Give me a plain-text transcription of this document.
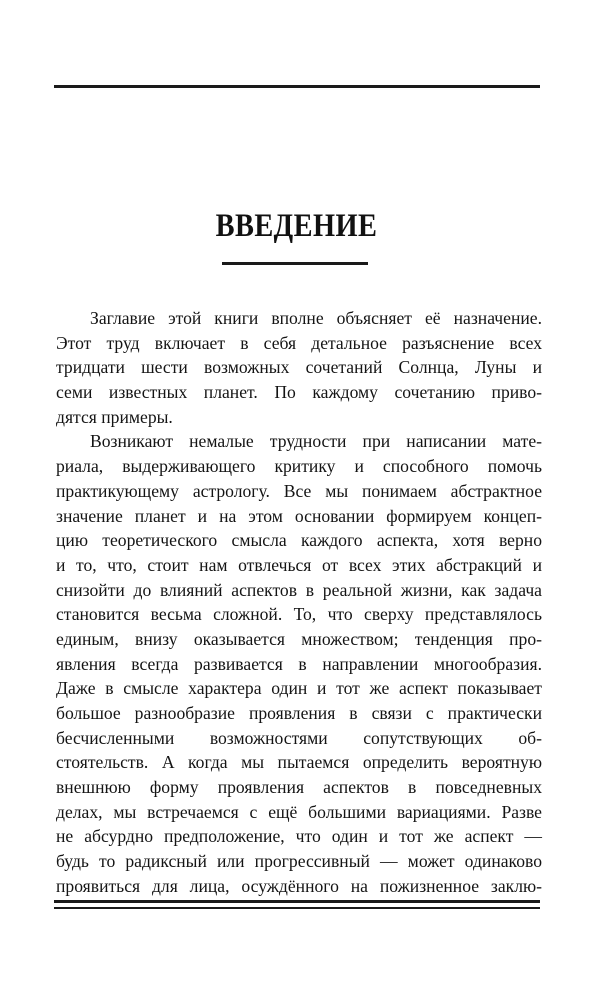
ВВЕДЕНИЕ
Заглавие этой книги вполне объясняет её назначение.
Этот труд включает в себя детальное разъяснение всех
тридцати шести возможных сочетаний Солнца, Луны и
семи известных планет. По каждому сочетанию приво-
дятся примеры.
Возникают немалые трудности при написании мате-
риала, выдерживающего критику и способного помочь
практикующему астрологу. Все мы понимаем абстрактное
значение планет и на этом основании формируем концеп-
цию теоретического смысла каждого аспекта, хотя верно
и то, что, стоит нам отвлечься от всех этих абстракций и
снизойти до влияний аспектов в реальной жизни, как задача
становится весьма сложной. То, что сверху представлялось
единым, внизу оказывается множеством; тенденция про-
явления всегда развивается в направлении многообразия.
Даже в смысле характера один и тот же аспект показывает
большое разнообразие проявления в связи с практически
бесчисленными возможностями сопутствующих об-
стоятельств. А когда мы пытаемся определить вероятную
внешнюю форму проявления аспектов в повседневных
делах, мы встречаемся с ещё большими вариациями. Разве
не абсурдно предположение, что один и тот же аспект —
будь то радиксный или прогрессивный — может одинаково
проявиться для лица, осуждённого на пожизненное заклю-
